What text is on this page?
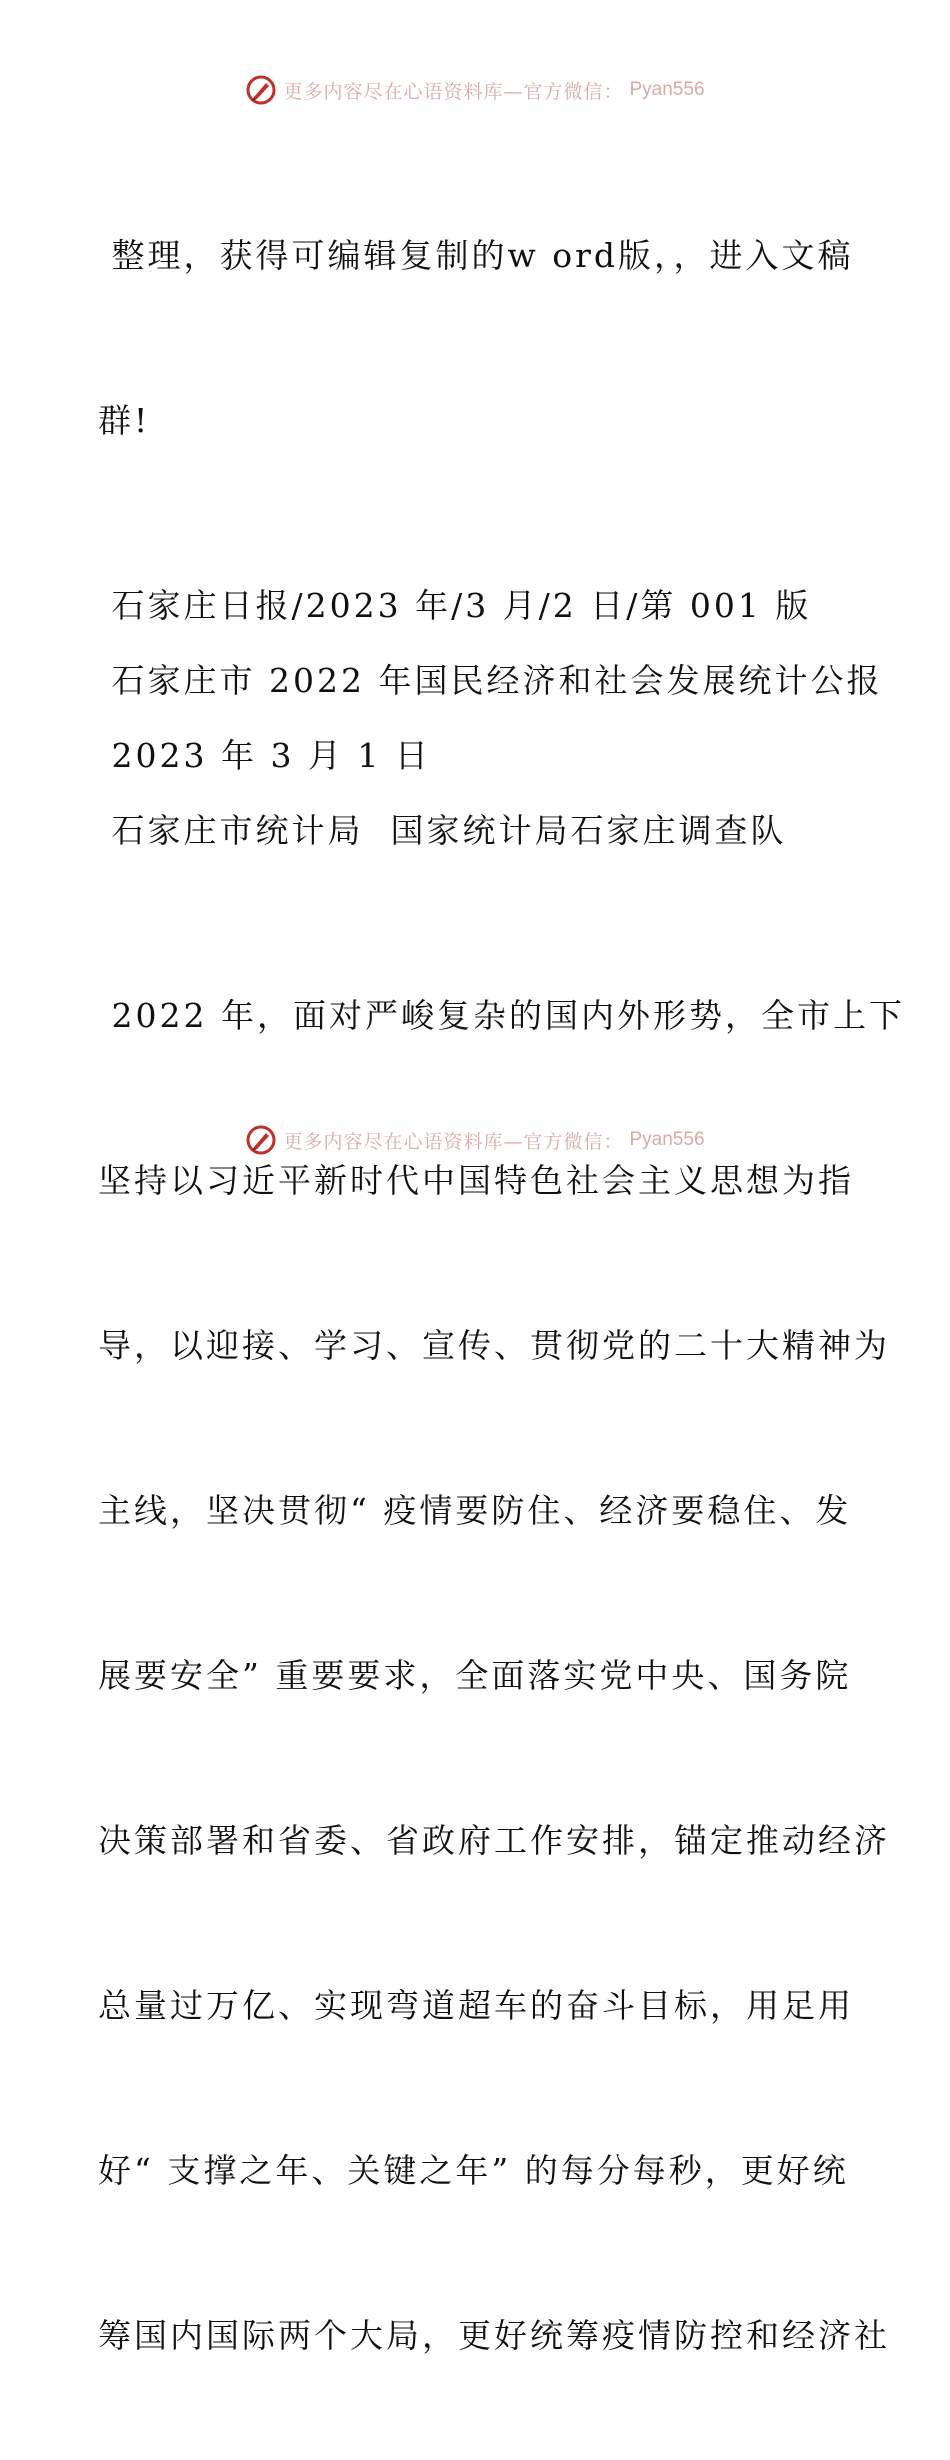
更多内容尽在心语资料库—官方微信： Pyan556

整理，获得可编辑复制的w ord版，，进入文稿

群!

石家庄日报/2023 年/3 月/2 日/第 001 版
石家庄市 2022 年国民经济和社会发展统计公报
2023 年 3 月 1 日
石家庄市统计局  国家统计局石家庄调查队

2022 年，面对严峻复杂的国内外形势，全市上下

坚持以习近平新时代中国特色社会主义思想为指

导，以迎接、学习、宣传、贯彻党的二十大精神为

主线，坚决贯彻“ 疫情要防住、经济要稳住、发

展要安全” 重要要求，全面落实党中央、国务院

决策部署和省委、省政府工作安排，锚定推动经济

总量过万亿、实现弯道超车的奋斗目标，用足用

好“ 支撑之年、关键之年” 的每分每秒，更好统

筹国内国际两个大局，更好统筹疫情防控和经济社

更多内容尽在心语资料库—官方微信： Pyan556
